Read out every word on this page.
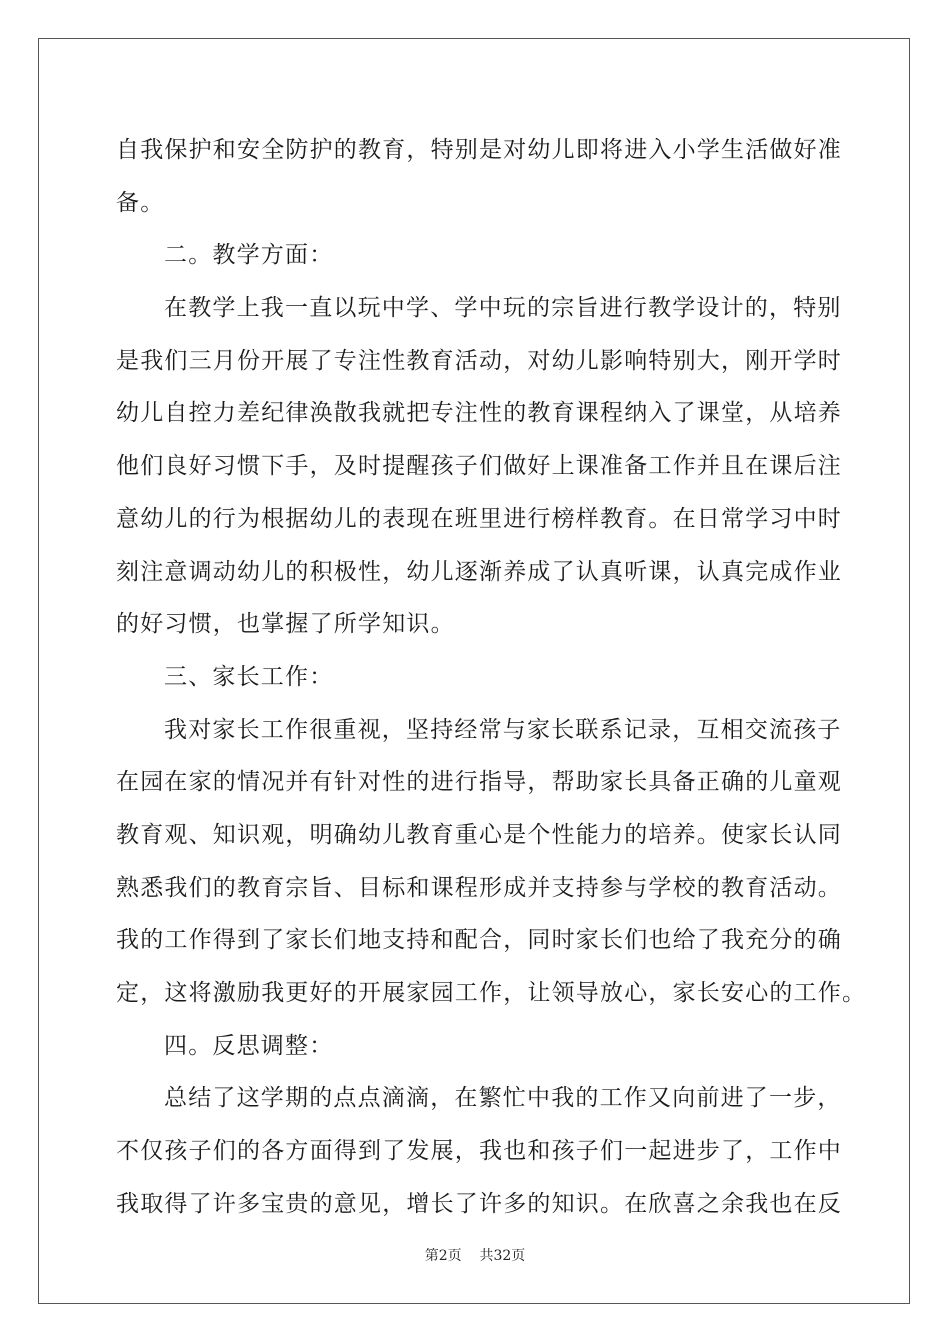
自我保护和安全防护的教育，特别是对幼儿即将进入小学生活做好准
备。
二。教学方面：
在教学上我一直以玩中学、学中玩的宗旨进行教学设计的，特别
是我们三月份开展了专注性教育活动，对幼儿影响特别大，刚开学时
幼儿自控力差纪律涣散我就把专注性的教育课程纳入了课堂，从培养
他们良好习惯下手，及时提醒孩子们做好上课准备工作并且在课后注
意幼儿的行为根据幼儿的表现在班里进行榜样教育。在日常学习中时
刻注意调动幼儿的积极性，幼儿逐渐养成了认真听课，认真完成作业
的好习惯，也掌握了所学知识。
三、家长工作：
我对家长工作很重视，坚持经常与家长联系记录，互相交流孩子
在园在家的情况并有针对性的进行指导，帮助家长具备正确的儿童观
教育观、知识观，明确幼儿教育重心是个性能力的培养。使家长认同
熟悉我们的教育宗旨、目标和课程形成并支持参与学校的教育活动。
我的工作得到了家长们地支持和配合，同时家长们也给了我充分的确
定，这将激励我更好的开展家园工作，让领导放心，家长安心的工作。
四。反思调整：
总结了这学期的点点滴滴，在繁忙中我的工作又向前进了一步，
不仅孩子们的各方面得到了发展，我也和孩子们一起进步了，工作中
我取得了许多宝贵的意见，增长了许多的知识。在欣喜之余我也在反
第2页    共32页
